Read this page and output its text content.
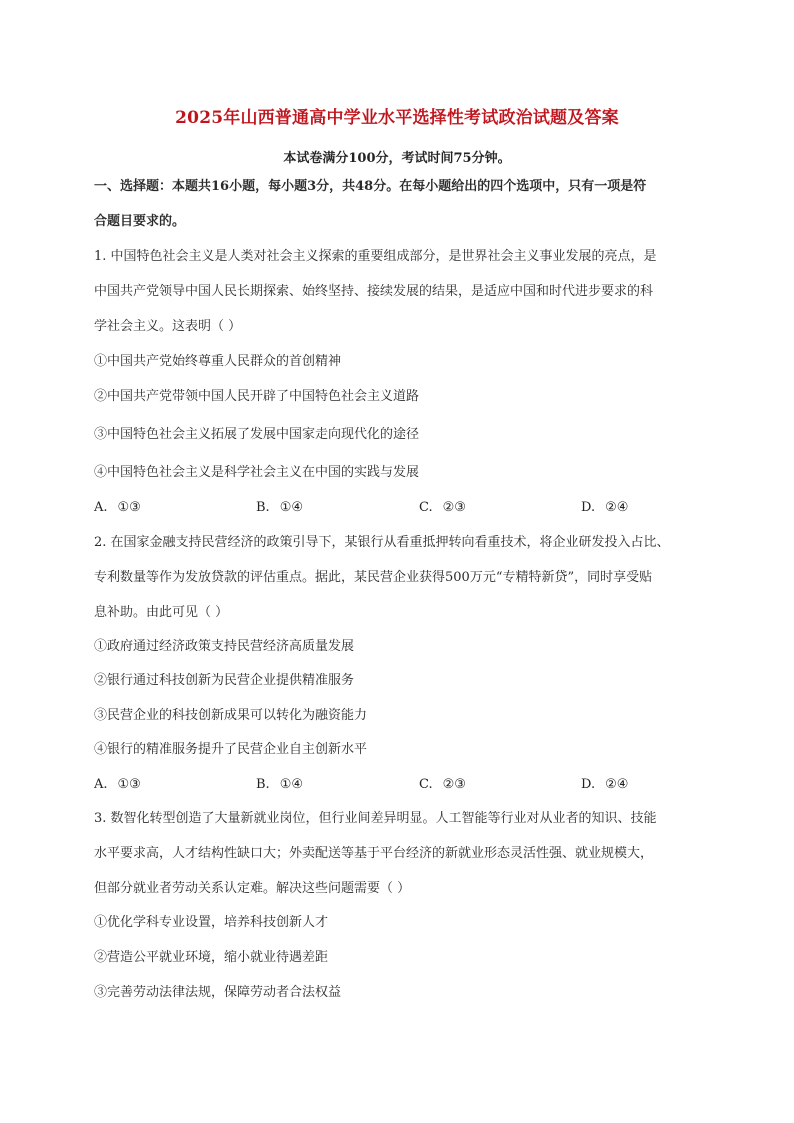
2025年山西普通高中学业水平选择性考试政治试题及答案
本试卷满分100分，考试时间75分钟。
一、选择题：本题共16小题，每小题3分，共48分。在每小题给出的四个选项中，只有一项是符
合题目要求的。
1. 中国特色社会主义是人类对社会主义探索的重要组成部分，是世界社会主义事业发展的亮点，是
中国共产党领导中国人民长期探索、始终坚持、接续发展的结果，是适应中国和时代进步要求的科
学社会主义。这表明（ ）
①中国共产党始终尊重人民群众的首创精神
②中国共产党带领中国人民开辟了中国特色社会主义道路
③中国特色社会主义拓展了发展中国家走向现代化的途径
④中国特色社会主义是科学社会主义在中国的实践与发展
A. ①③	B. ①④	C. ②③	D. ②④
2. 在国家金融支持民营经济的政策引导下，某银行从看重抵押转向看重技术，将企业研发投入占比、
专利数量等作为发放贷款的评估重点。据此，某民营企业获得500万元“专精特新贷”，同时享受贴
息补助。由此可见（ ）
①政府通过经济政策支持民营经济高质量发展
②银行通过科技创新为民营企业提供精准服务
③民营企业的科技创新成果可以转化为融资能力
④银行的精准服务提升了民营企业自主创新水平
A. ①③	B. ①④	C. ②③	D. ②④
3. 数智化转型创造了大量新就业岗位，但行业间差异明显。人工智能等行业对从业者的知识、技能
水平要求高，人才结构性缺口大；外卖配送等基于平台经济的新就业形态灵活性强、就业规模大，
但部分就业者劳动关系认定难。解决这些问题需要（ ）
①优化学科专业设置，培养科技创新人才
②营造公平就业环境，缩小就业待遇差距
③完善劳动法律法规，保障劳动者合法权益
